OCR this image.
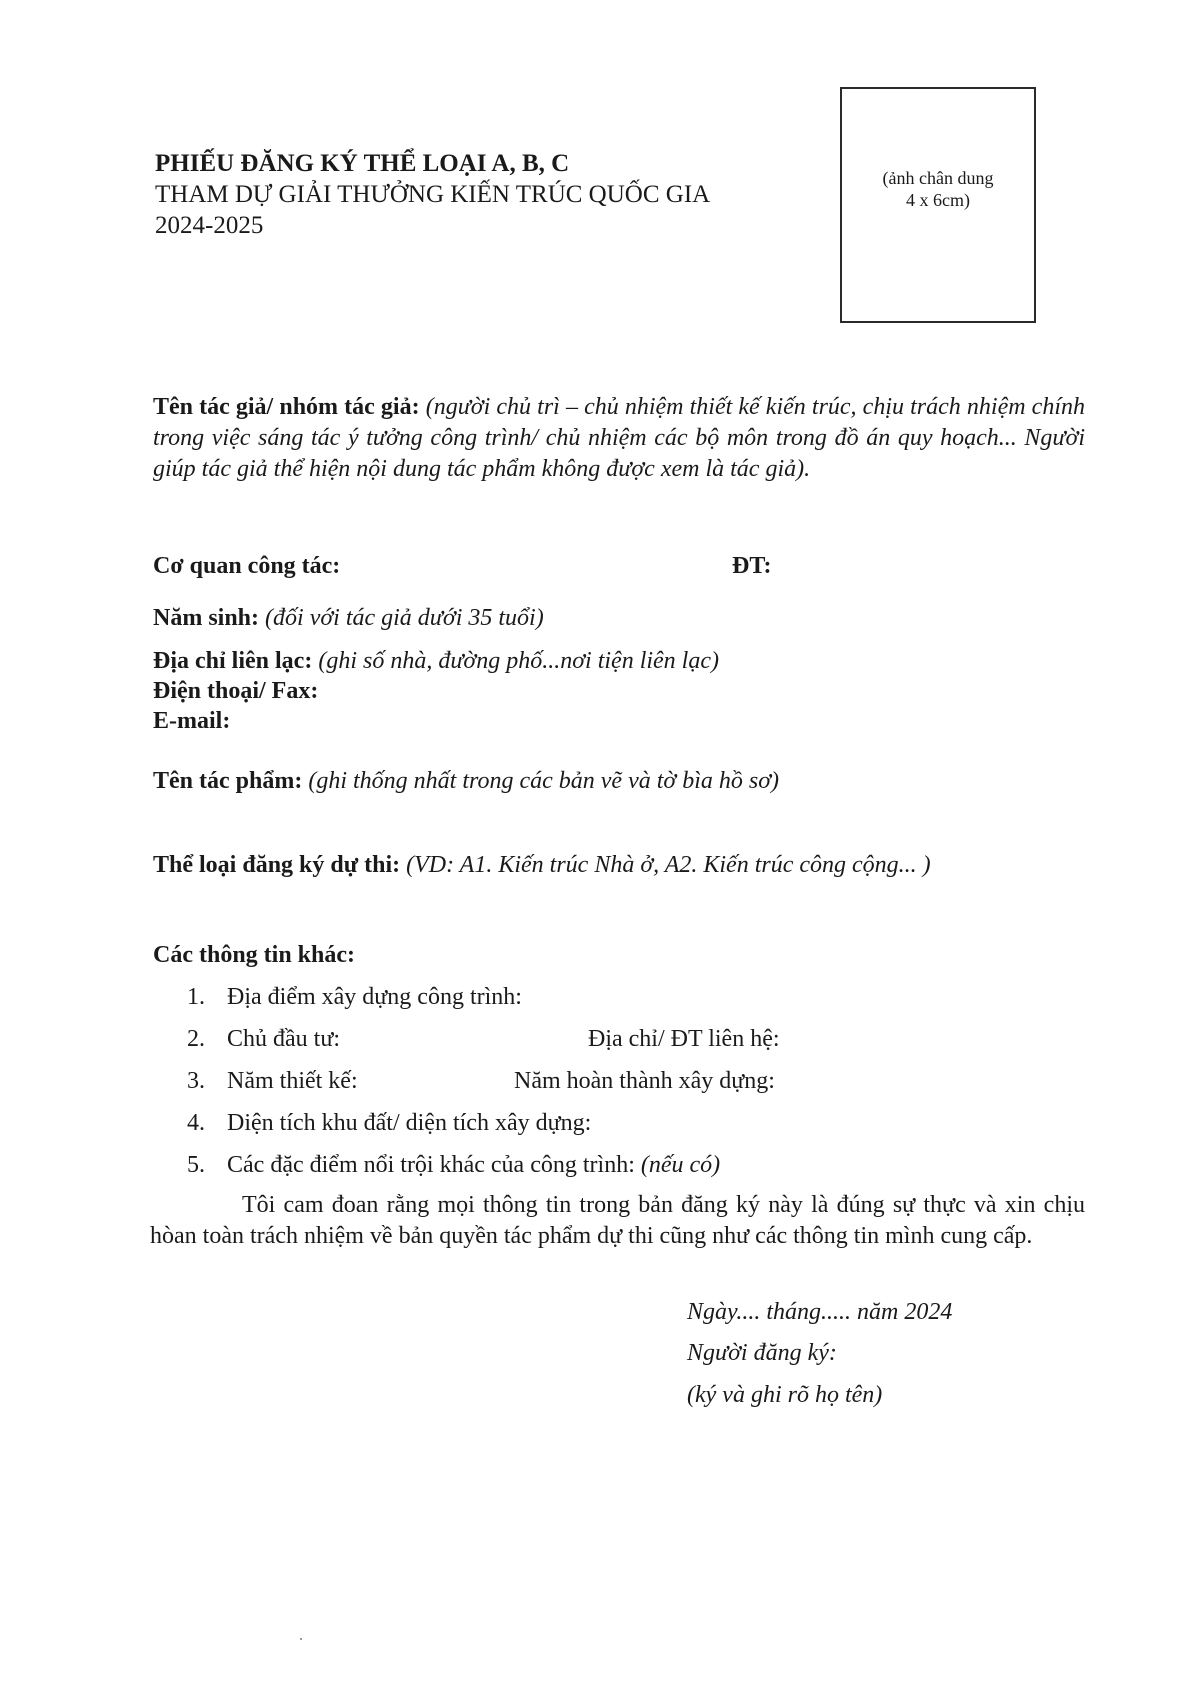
PHIẾU ĐĂNG KÝ THỂ LOẠI A, B, C
THAM DỰ GIẢI THƯỞNG KIẾN TRÚC QUỐC GIA
2024-2025
(ảnh chân dung
4 x 6cm)
Tên tác giả/ nhóm tác giả: (người chủ trì – chủ nhiệm thiết kế kiến trúc, chịu trách nhiệm chính trong việc sáng tác ý tưởng công trình/ chủ nhiệm các bộ môn trong đồ án quy hoạch... Người giúp tác giả thể hiện nội dung tác phẩm không được xem là tác giả).
Cơ quan công tác:	ĐT:
Năm sinh: (đối với tác giả dưới 35 tuổi)
Địa chỉ liên lạc: (ghi số nhà, đường phố...nơi tiện liên lạc)
Điện thoại/ Fax:
E-mail:
Tên tác phẩm: (ghi thống nhất trong các bản vẽ và tờ bìa hồ sơ)
Thể loại đăng ký dự thi: (VD: A1. Kiến trúc Nhà ở, A2. Kiến trúc công cộng... )
Các thông tin khác:
1. Địa điểm xây dựng công trình:
2. Chủ đầu tư:	Địa chỉ/ ĐT liên hệ:
3. Năm thiết kế:	Năm hoàn thành xây dựng:
4. Diện tích khu đất/ diện tích xây dựng:
5. Các đặc điểm nổi trội khác của công trình: (nếu có)
Tôi cam đoan rằng mọi thông tin trong bản đăng ký này là đúng sự thực và xin chịu hòan toàn trách nhiệm về bản quyền tác phẩm dự thi cũng như các thông tin mình cung cấp.
Ngày.... tháng..... năm 2024
Người đăng ký:
(ký và ghi rõ họ tên)
